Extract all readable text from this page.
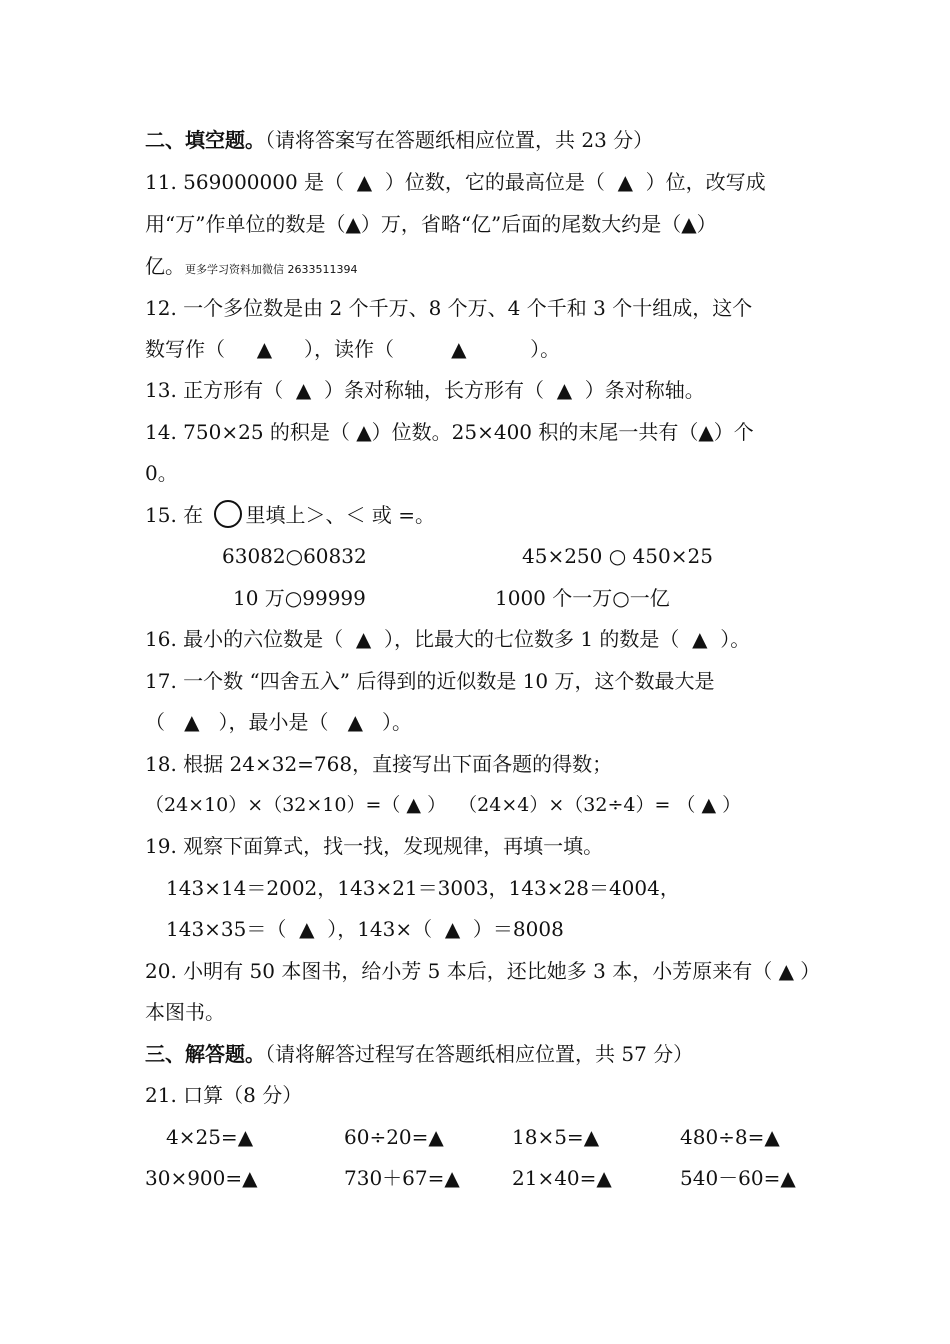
二、填空题。（请将答案写在答题纸相应位置，共 23 分）
11. 569000000 是（  ▲  ）位数，它的最高位是（  ▲  ）位，改写成
用“万”作单位的数是（▲）万，省略“亿”后面的尾数大约是（▲）
亿。更多学习资料加微信 2633511394
12. 一个多位数是由 2 个千万、8 个万、4 个千和 3 个十组成，这个
数写作（     ▲     ），读作（         ▲          ）。
13. 正方形有（  ▲  ）条对称轴，长方形有（  ▲  ）条对称轴。
14. 750×25 的积是（ ▲）位数。25×400 积的末尾一共有（▲）个
0。
15. 在 里填上＞、＜ 或 =。
63082○60832	45×250 ○ 450×25
10 万○99999	1000 个一万○一亿
16. 最小的六位数是（  ▲  ），比最大的七位数多 1 的数是（  ▲  ）。
17. 一个数 “四舍五入” 后得到的近似数是 10 万，这个数最大是
（   ▲   ），最小是（   ▲   ）。
18. 根据 24×32=768，直接写出下面各题的得数；
（24×10）×（32×10）=（ ▲ ）  （24×4）×（32÷4）= （ ▲ ）
19. 观察下面算式，找一找，发现规律，再填一填。
143×14＝2002，143×21＝3003，143×28＝4004，
143×35＝（  ▲  ），143×（  ▲  ）＝8008
20. 小明有 50 本图书，给小芳 5 本后，还比她多 3 本，小芳原来有（ ▲ ）
本图书。
三、解答题。（请将解答过程写在答题纸相应位置，共 57 分）
21. 口算（8 分）
4×25=▲	60÷20=▲	18×5=▲	480÷8=▲
30×900=▲	730＋67=▲	21×40=▲	540－60=▲
